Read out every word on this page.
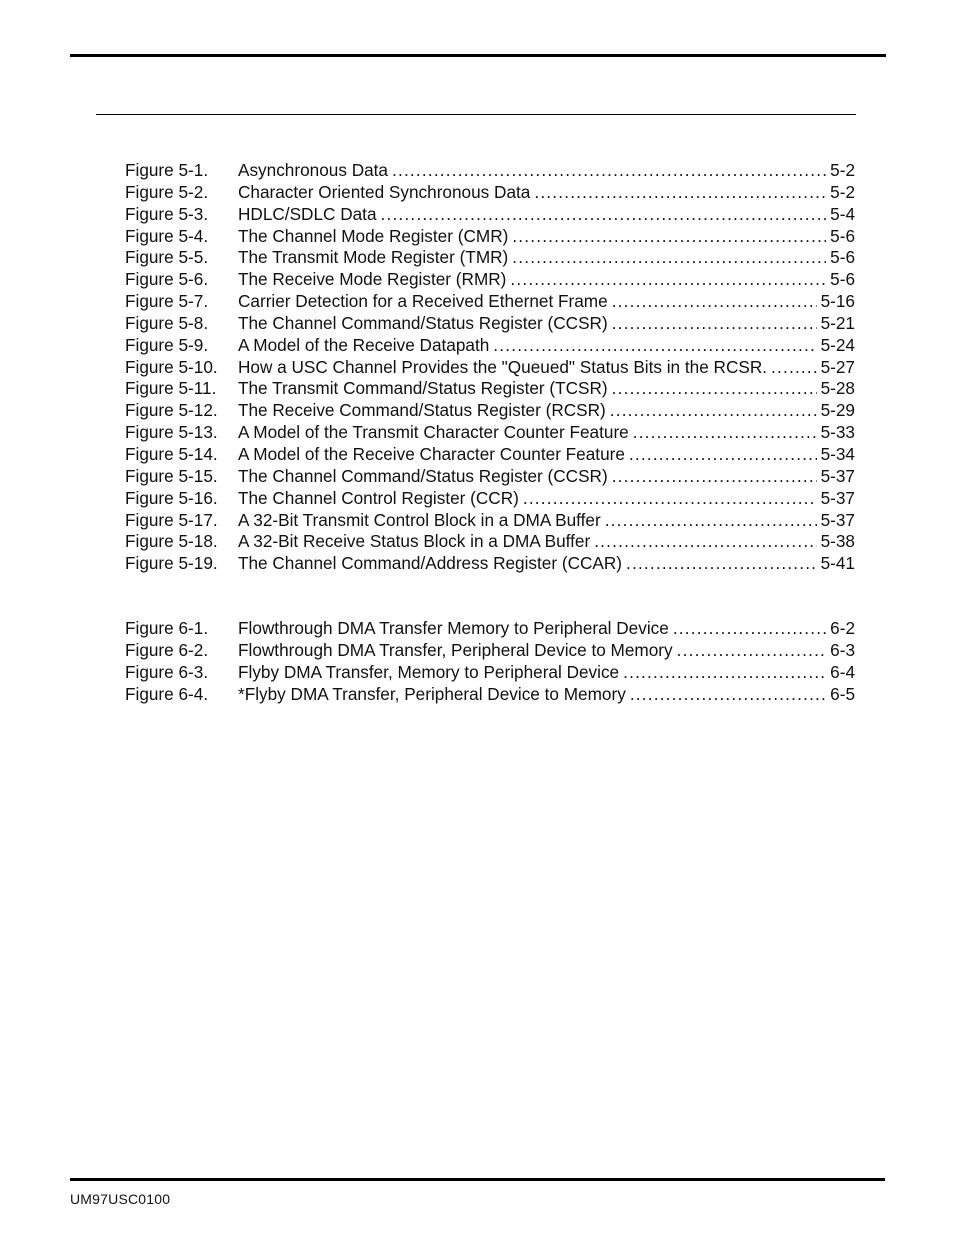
Figure 5-1.	Asynchronous Data .....	5-2
Figure 5-2.	Character Oriented Synchronous Data .....	5-2
Figure 5-3.	HDLC/SDLC Data .....	5-4
Figure 5-4.	The Channel Mode Register (CMR) .....	5-6
Figure 5-5.	The Transmit Mode Register (TMR) .....	5-6
Figure 5-6.	The Receive Mode Register (RMR) .....	5-6
Figure 5-7.	Carrier Detection for a Received Ethernet Frame .....	5-16
Figure 5-8.	The Channel Command/Status Register (CCSR) .....	5-21
Figure 5-9.	A Model of the Receive Datapath .....	5-24
Figure 5-10.	How a USC Channel Provides the "Queued" Status Bits in the RCSR. .....	5-27
Figure 5-11.	The Transmit Command/Status Register (TCSR) .....	5-28
Figure 5-12.	The Receive Command/Status Register (RCSR) .....	5-29
Figure 5-13.	A Model of the Transmit Character Counter Feature .....	5-33
Figure 5-14.	A Model of the Receive Character Counter Feature .....	5-34
Figure 5-15.	The Channel Command/Status Register (CCSR) .....	5-37
Figure 5-16.	The Channel Control Register (CCR) .....	5-37
Figure 5-17.	A 32-Bit Transmit Control Block in a DMA Buffer .....	5-37
Figure 5-18.	A 32-Bit Receive Status Block in a DMA Buffer .....	5-38
Figure 5-19.	The Channel Command/Address Register (CCAR) .....	5-41
Figure 6-1.	Flowthrough DMA Transfer Memory to Peripheral Device .....	6-2
Figure 6-2.	Flowthrough DMA Transfer, Peripheral Device to Memory .....	6-3
Figure 6-3.	Flyby DMA Transfer, Memory to Peripheral Device .....	6-4
Figure 6-4.	*Flyby DMA Transfer, Peripheral Device to Memory .....	6-5
UM97USC0100
